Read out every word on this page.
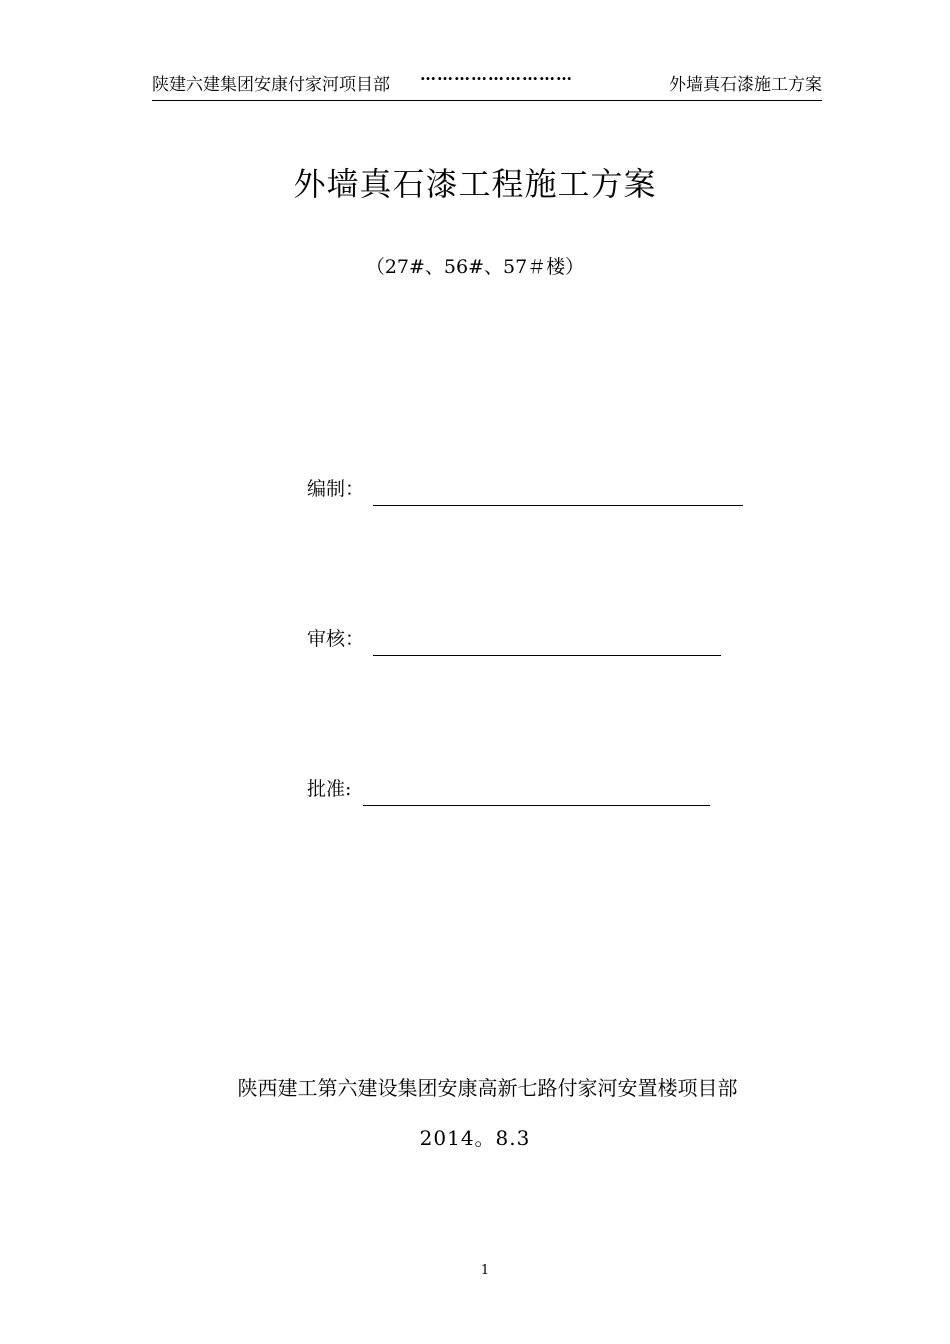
陕建六建集团安康付家河项目部
………………………
外墙真石漆施工方案
外墙真石漆工程施工方案
（27#、56#、57＃楼）
编制：
审核：
批准:
陕西建工第六建设集团安康高新七路付家河安置楼项目部
2014。8.3
1
